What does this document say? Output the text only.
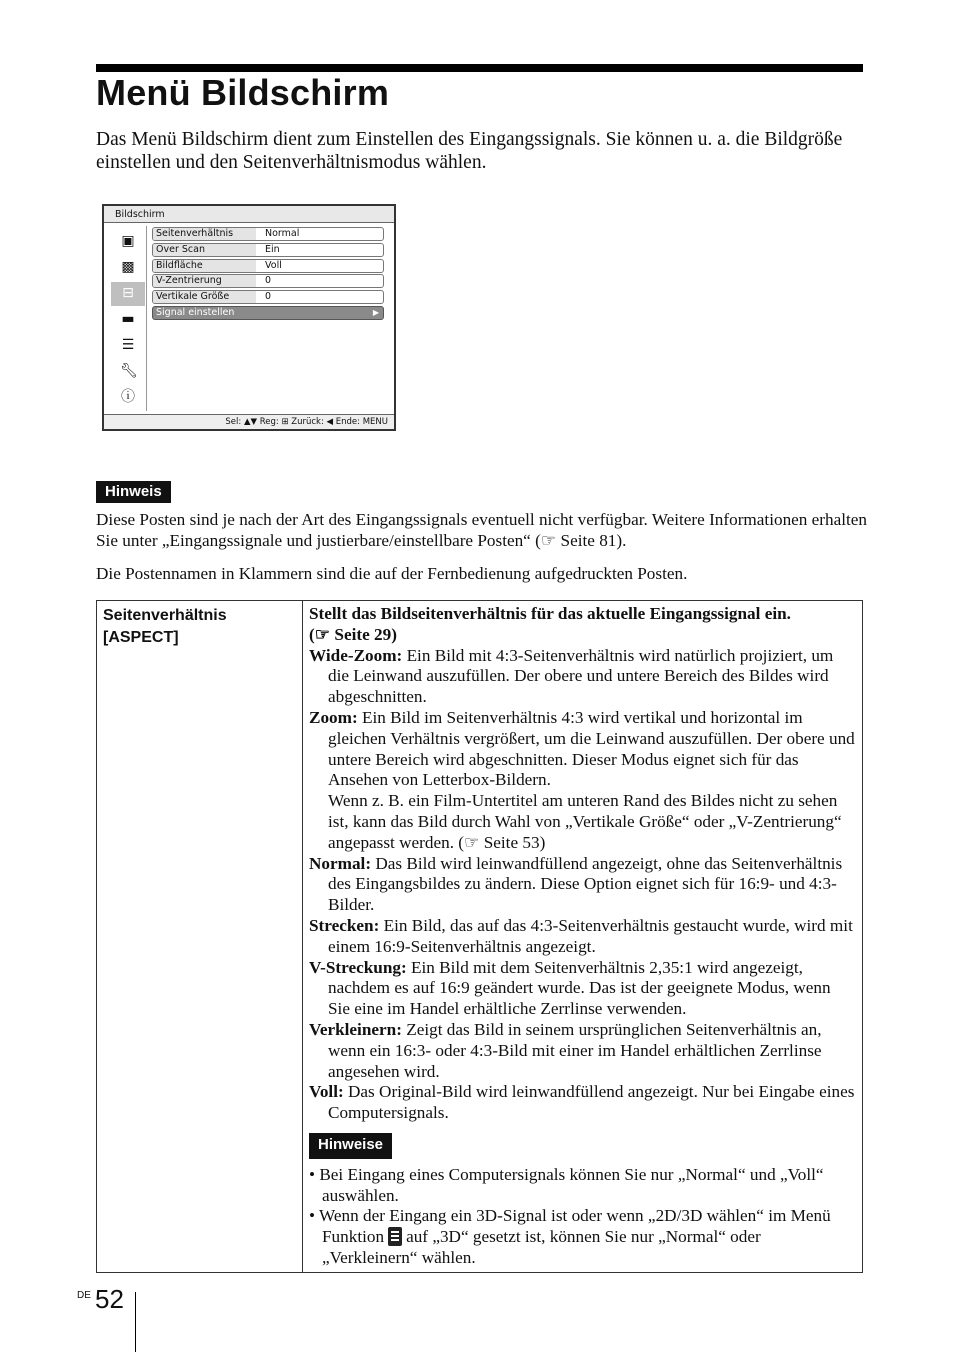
Menü Bildschirm
Das Menü Bildschirm dient zum Einstellen des Eingangssignals. Sie können u. a. die Bildgröße einstellen und den Seitenverhältnismodus wählen.
Bildschirm
▣
▩
⊟
▬
☰
🔧︎
ⓘ
Seitenverhältnis	Normal
Over Scan	Ein
Bildfläche	Voll
V-Zentrierung	0
Vertikale Größe	0
Signal einstellen	▶
Sel: ▲▼ Reg: ⊞ Zurück: ◀ Ende: MENU
Hinweis
Diese Posten sind je nach der Art des Eingangssignals eventuell nicht verfügbar. Weitere Informationen erhalten Sie unter „Eingangssignale und justierbare/einstellbare Posten“ (☞ Seite 81).
Die Postennamen in Klammern sind die auf der Fernbedienung aufgedruckten Posten.
Seitenverhältnis
[ASPECT]

Stellt das Bildseitenverhältnis für das aktuelle Eingangssignal ein.
(☞ Seite 29)

Wide-Zoom: Ein Bild mit 4:3-Seitenverhältnis wird natürlich projiziert, um die Leinwand auszufüllen. Der obere und untere Bereich des Bildes wird abgeschnitten.

Zoom: Ein Bild im Seitenverhältnis 4:3 wird vertikal und horizontal im gleichen Verhältnis vergrößert, um die Leinwand auszufüllen. Der obere und untere Bereich wird abgeschnitten. Dieser Modus eignet sich für das Ansehen von Letterbox-Bildern.

Wenn z. B. ein Film-Untertitel am unteren Rand des Bildes nicht zu sehen ist, kann das Bild durch Wahl von „Vertikale Größe“ oder „V-Zentrierung“ angepasst werden. (☞ Seite 53)

Normal: Das Bild wird leinwandfüllend angezeigt, ohne das Seitenverhältnis des Eingangsbildes zu ändern. Diese Option eignet sich für 16:9- und 4:3-Bilder.

Strecken: Ein Bild, das auf das 4:3-Seitenverhältnis gestaucht wurde, wird mit einem 16:9-Seitenverhältnis angezeigt.

V-Streckung: Ein Bild mit dem Seitenverhältnis 2,35:1 wird angezeigt, nachdem es auf 16:9 geändert wurde. Das ist der geeignete Modus, wenn Sie eine im Handel erhältliche Zerrlinse verwenden.

Verkleinern: Zeigt das Bild in seinem ursprünglichen Seitenverhältnis an, wenn ein 16:3- oder 4:3-Bild mit einer im Handel erhältlichen Zerrlinse angesehen wird.

Voll: Das Original-Bild wird leinwandfüllend angezeigt. Nur bei Eingabe eines Computersignals.

Hinweise

• Bei Eingang eines Computersignals können Sie nur „Normal“ und „Voll“ auswählen.

• Wenn der Eingang ein 3D-Signal ist oder wenn „2D/3D wählen“ im Menü Funktion auf „3D“ gesetzt ist, können Sie nur „Normal“ oder „Verkleinern“ wählen.

DE 52
